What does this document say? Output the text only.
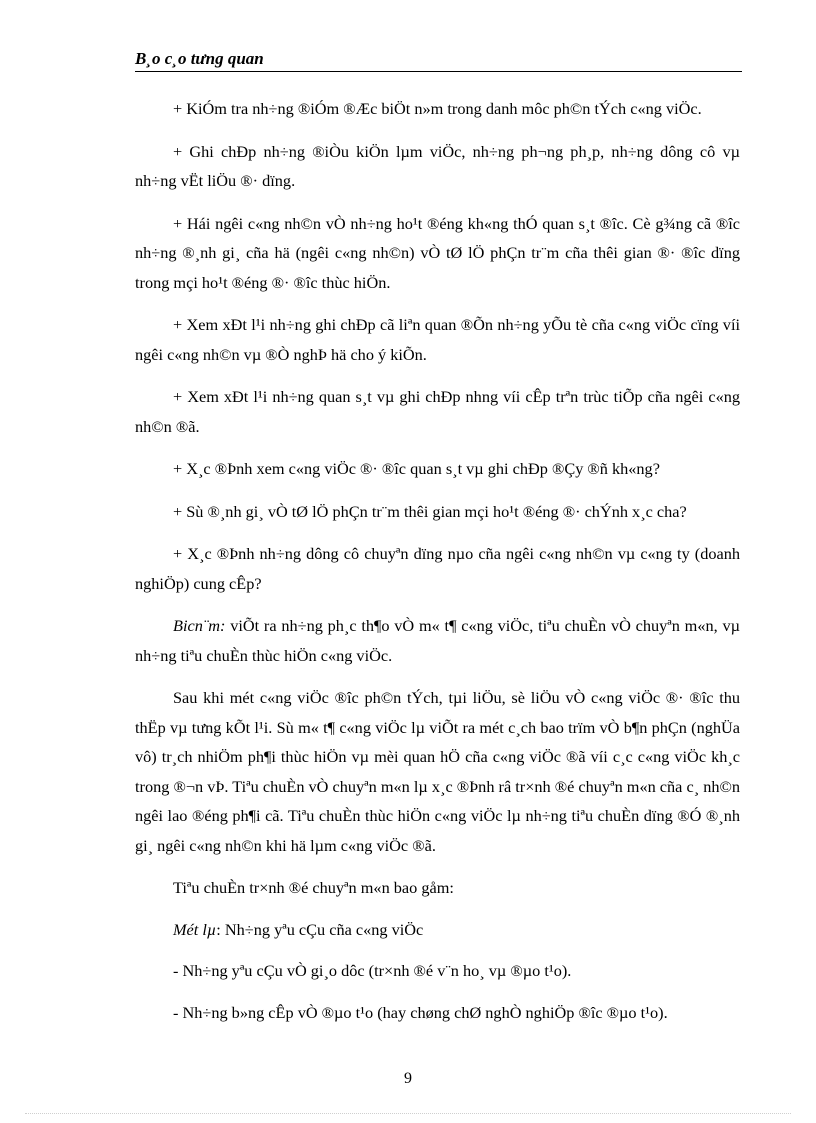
B¸o c¸o tưng quan

+ KiÓm tra nh÷ng ®iÓm ®Æc biÖt n»m trong danh môc ph©n tÝch c«ng viÖc.

+ Ghi chÐp nh÷ng ®iÒu kiÖn lµm viÖc, nh÷ng ph¬ng ph¸p, nh÷ng dông cô vµ nh÷ng vËt liÖu ®· dïng.

+ Hái ngêi c«ng nh©n vÒ nh÷ng ho¹t ®éng kh«ng thÓ quan s¸t ®îc. Cè g¾ng cã ®îc nh÷ng ®¸nh gi¸ cña hä (ngêi c«ng nh©n) vÒ tØ lÖ phÇn tr¨m cña thêi gian ®· ®îc dïng trong mçi ho¹t ®éng ®· ®îc thùc hiÖn.

+ Xem xÐt l¹i nh÷ng ghi chÐp cã liªn quan ®Õn nh÷ng yÕu tè cña c«ng viÖc cïng víi ngêi c«ng nh©n vµ ®Ò nghÞ hä cho ý kiÕn.

+ Xem xÐt l¹i nh÷ng quan s¸t vµ ghi chÐp nhng víi cÊp trªn trùc tiÕp cña ngêi c«ng nh©n ®ã.

+ X¸c ®Þnh xem c«ng viÖc ®· ®îc quan s¸t vµ ghi chÐp ®Çy ®ñ kh«ng?

+ Sù ®¸nh gi¸ vÒ tØ lÖ phÇn tr¨m thêi gian mçi ho¹t ®éng ®· chÝnh x¸c cha?

+ X¸c ®Þnh nh÷ng dông cô chuyªn dïng nµo cña ngêi c«ng nh©n vµ c«ng ty (doanh nghiÖp) cung cÊp?

Bicn¨m: viÕt ra nh÷ng ph¸c th¶o vÒ m« t¶ c«ng viÖc, tiªu chuÈn vÒ chuyªn m«n, vµ nh÷ng tiªu chuÈn thùc hiÖn c«ng viÖc.

Sau khi mét c«ng viÖc ®îc ph©n tÝch, tµi liÖu, sè liÖu vÒ c«ng viÖc ®· ®îc thu thËp vµ tưng kÕt l¹i. Sù m« t¶ c«ng viÖc lµ viÕt ra mét c¸ch bao trïm vÒ b¶n phÇn (nghÜa vô) tr¸ch nhiÖm ph¶i thùc hiÖn vµ mèi quan hÖ cña c«ng viÖc ®ã víi c¸c c«ng viÖc kh¸c trong ®¬n vÞ. Tiªu chuÈn vÒ chuyªn m«n lµ x¸c ®Þnh râ tr×nh ®é chuyªn m«n cña c¸ nh©n ngêi lao ®éng ph¶i cã. Tiªu chuÈn thùc hiÖn c«ng viÖc lµ nh÷ng tiªu chuÈn dïng ®Ó ®¸nh gi¸ ngêi c«ng nh©n khi hä lµm c«ng viÖc ®ã.

Tiªu chuÈn tr×nh ®é chuyªn m«n bao gåm:

Mét lµ: Nh÷ng yªu cÇu cña c«ng viÖc

- Nh÷ng yªu cÇu vÒ gi¸o dôc (tr×nh ®é v¨n ho¸ vµ ®µo t¹o).

- Nh÷ng b»ng cÊp vÒ ®µo t¹o (hay chøng chØ nghÒ nghiÖp ®îc ®µo t¹o).

9
